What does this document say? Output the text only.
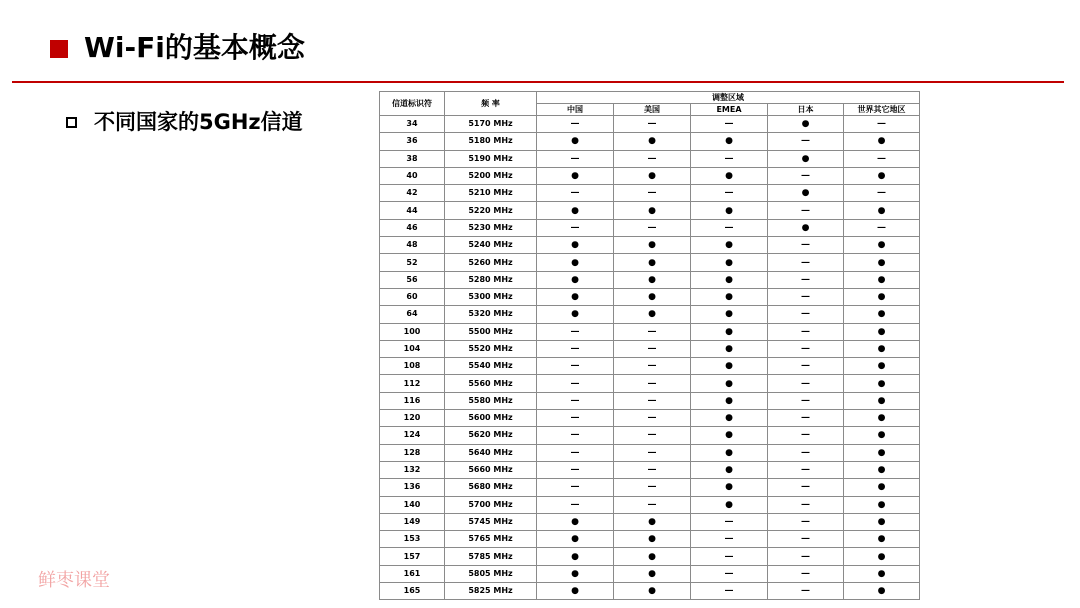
Wi-Fi的基本概念
不同国家的5GHz信道
鲜枣课堂
信道标识符	频 率	调整区域				
		中国	美国	EMEA	日本	世界其它地区
34	5170 MHz	—	—	—	●	—
36	5180 MHz	●	●	●	—	●
38	5190 MHz	—	—	—	●	—
40	5200 MHz	●	●	●	—	●
42	5210 MHz	—	—	—	●	—
44	5220 MHz	●	●	●	—	●
46	5230 MHz	—	—	—	●	—
48	5240 MHz	●	●	●	—	●
52	5260 MHz	●	●	●	—	●
56	5280 MHz	●	●	●	—	●
60	5300 MHz	●	●	●	—	●
64	5320 MHz	●	●	●	—	●
100	5500 MHz	—	—	●	—	●
104	5520 MHz	—	—	●	—	●
108	5540 MHz	—	—	●	—	●
112	5560 MHz	—	—	●	—	●
116	5580 MHz	—	—	●	—	●
120	5600 MHz	—	—	●	—	●
124	5620 MHz	—	—	●	—	●
128	5640 MHz	—	—	●	—	●
132	5660 MHz	—	—	●	—	●
136	5680 MHz	—	—	●	—	●
140	5700 MHz	—	—	●	—	●
149	5745 MHz	●	●	—	—	●
153	5765 MHz	●	●	—	—	●
157	5785 MHz	●	●	—	—	●
161	5805 MHz	●	●	—	—	●
165	5825 MHz	●	●	—	—	●
